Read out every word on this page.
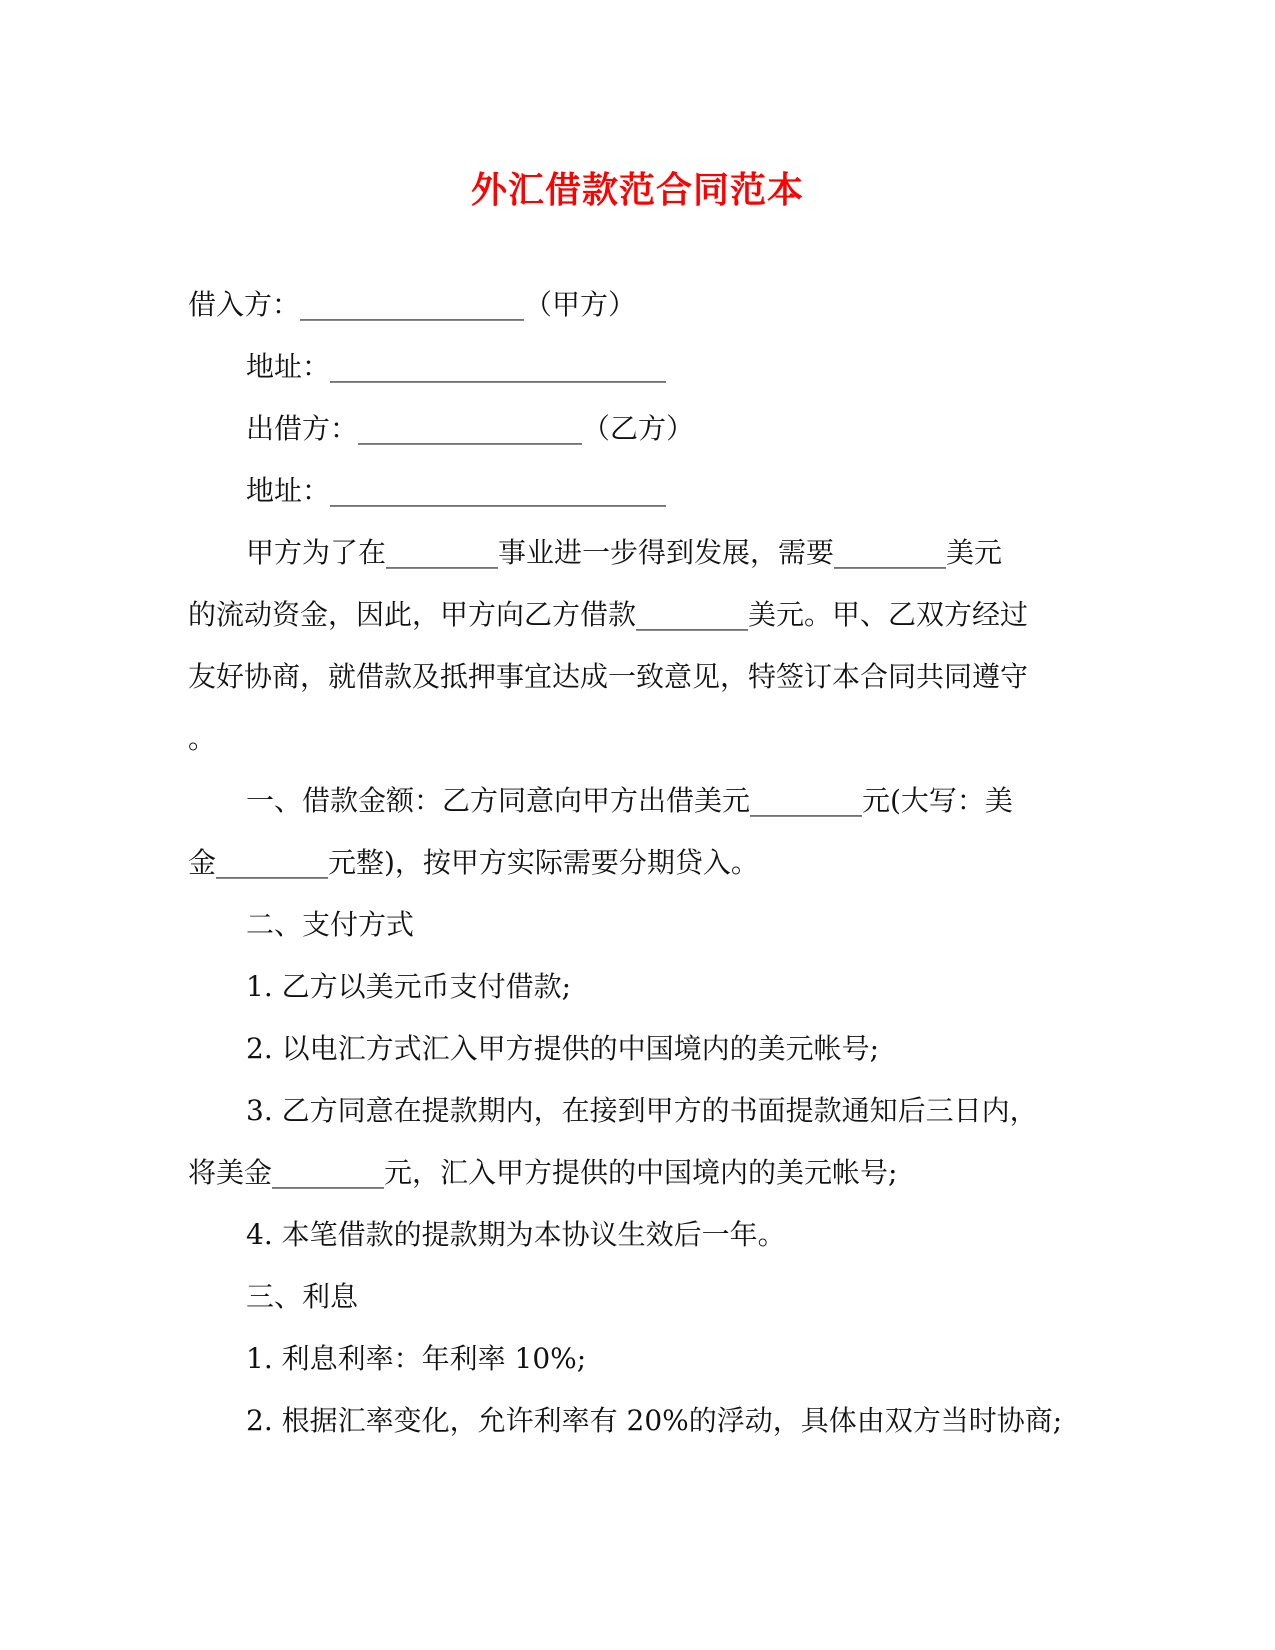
外汇借款范合同范本
借入方：________________（甲方）
地址：________________________
出借方：________________（乙方）
地址：________________________
甲方为了在________事业进一步得到发展，需要________美元
的流动资金，因此，甲方向乙方借款________美元。甲、乙双方经过
友好协商，就借款及抵押事宜达成一致意见，特签订本合同共同遵守
。
一、借款金额：乙方同意向甲方出借美元________元(大写：美
金________元整)，按甲方实际需要分期贷入。
二、支付方式
1. 乙方以美元币支付借款;
2. 以电汇方式汇入甲方提供的中国境内的美元帐号;
3. 乙方同意在提款期内，在接到甲方的书面提款通知后三日内，
将美金________元，汇入甲方提供的中国境内的美元帐号;
4. 本笔借款的提款期为本协议生效后一年。
三、利息
1. 利息利率：年利率 10%;
2. 根据汇率变化，允许利率有 20%的浮动，具体由双方当时协商;
